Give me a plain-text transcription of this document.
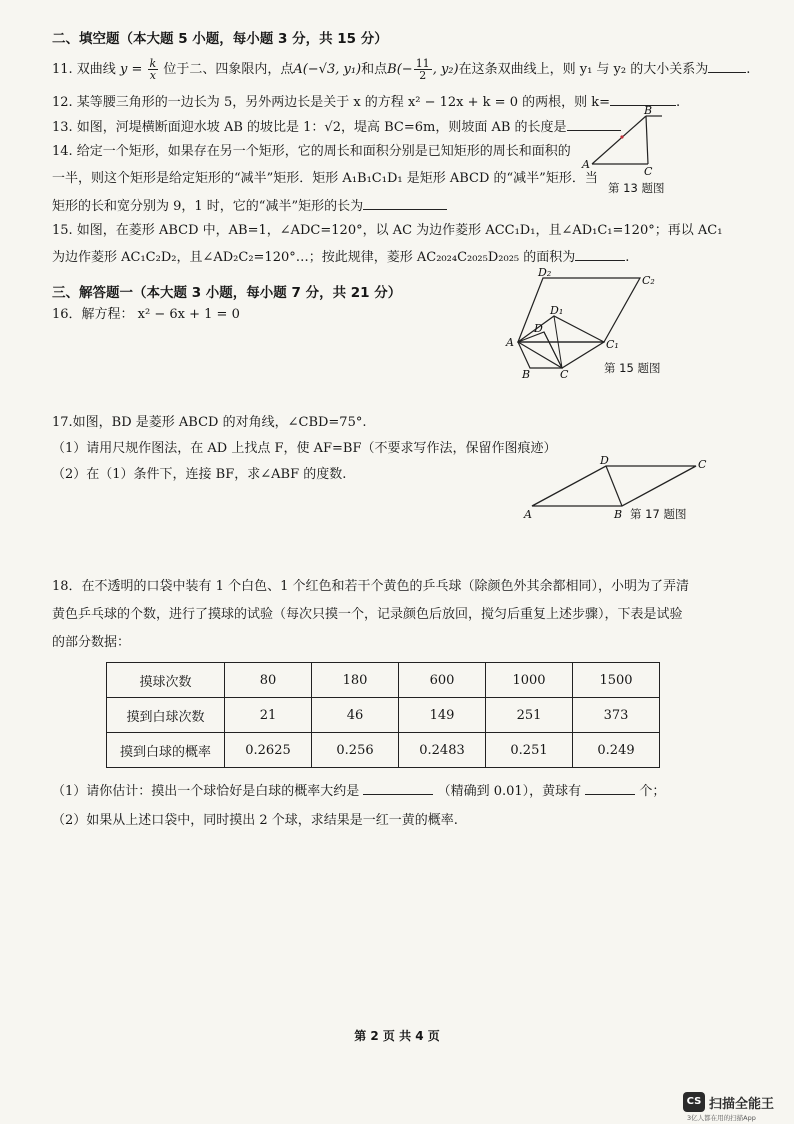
二、填空题（本大题 5 小题，每小题 3 分，共 15 分）
11. 双曲线 $y = \frac{k}{x}$ 位于二、四象限内，点A(−√3, y₁)和点$B(- \frac{11}{2}$ , y₂)在这条双曲线上，则 y₁ 与 y₂ 的大小关系为	.
12. 某等腰三角形的一边长为 5，另外两边长是关于 x 的方程 x² − 12x + k = 0 的两根，则 k=	.
13. 如图，河堤横断面迎水坡 AB 的坡比是 1：√2，堤高 BC=6m，则坡面 AB 的长度是
14. 给定一个矩形，如果存在另一个矩形，它的周长和面积分别是已知矩形的周长和面积的
一半，则这个矩形是给定矩形的“减半”矩形．矩形 A₁B₁C₁D₁ 是矩形 ABCD 的“减半”矩形．当
矩形的长和宽分别为 9，1 时，它的“减半”矩形的长为
15. 如图，在菱形 ABCD 中，AB=1，∠ADC=120°，以 AC 为边作菱形 ACC₁D₁，且∠AD₁C₁=120°；再以 AC₁
为边作菱形 AC₁C₂D₂，且∠AD₂C₂=120°…；按此规律，菱形 AC₂₀₂₄C₂₀₂₅D₂₀₂₅ 的面积为	.
A
B
C
第 13 题图
三、解答题一（本大题 3 小题，每小题 7 分，共 21 分）
16．解方程： x² − 6x + 1 = 0
A
B	C
D
C₁
D₁
C₂
D₂
第 15 题图
17.如图，BD 是菱形 ABCD 的对角线，∠CBD=75°.
（1）请用尺规作图法，在 AD 上找点 F，使 AF=BF（不要求写作法，保留作图痕迹）
（2）在（1）条件下，连接 BF，求∠ABF 的度数.
A	B
C
D
第 17 题图
18．在不透明的口袋中装有 1 个白色、1 个红色和若干个黄色的乒乓球（除颜色外其余都相同），小明为了弄清
黄色乒乓球的个数，进行了摸球的试验（每次只摸一个，记录颜色后放回，搅匀后重复上述步骤），下表是试验
的部分数据：
摸球次数	80	180	600	1000	1500
摸到白球次数	21	46	149	251	373
摸到白球的概率	0.2625	0.256	0.2483	0.251	0.249
（1）请你估计：摸出一个球恰好是白球的概率大约是	（精确到 0.01），黄球有	个；
（2）如果从上述口袋中，同时摸出 2 个球，求结果是一红一黄的概率.
第 2 页 共 4 页
CS 扫描全能王
3亿人都在用的扫描App
